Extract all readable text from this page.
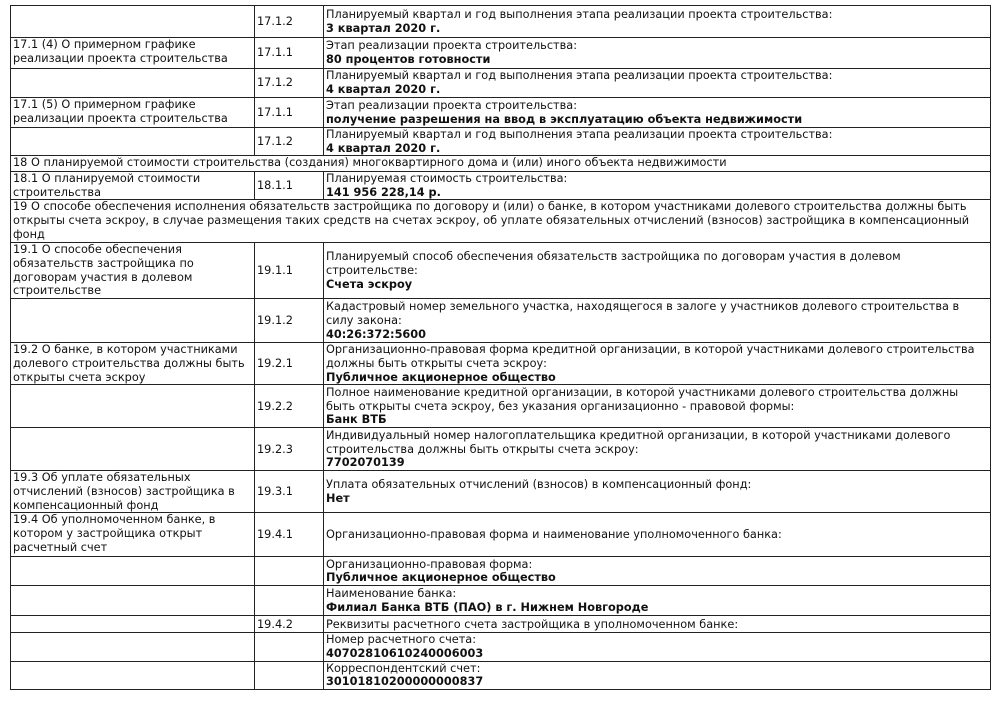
	17.1.2	Планируемый квартал и год выполнения этапа реализации проекта строительства:
3 квартал 2020 г.

17.1 (4) О примерном графике реализации проекта строительства	17.1.1	Этап реализации проекта строительства:
80 процентов готовности

	17.1.2	Планируемый квартал и год выполнения этапа реализации проекта строительства:
4 квартал 2020 г.

17.1 (5) О примерном графике реализации проекта строительства	17.1.1	Этап реализации проекта строительства:
получение разрешения на ввод в эксплуатацию объекта недвижимости

	17.1.2	Планируемый квартал и год выполнения этапа реализации проекта строительства:
4 квартал 2020 г.

18 О планируемой стоимости строительства (создания) многоквартирного дома и (или) иного объекта недвижимости		
18.1 О планируемой стоимости строительства	18.1.1	Планируемая стоимость строительства:
141 956 228,14 р.

19 О способе обеспечения исполнения обязательств застройщика по договору и (или) о банке, в котором участниками долевого строительства должны быть открыты счета эскроу, в случае размещения таких средств на счетах эскроу, об уплате обязательных отчислений (взносов) застройщика в компенсационный фонд		
19.1 О способе обеспечения обязательств застройщика по договорам участия в долевом строительстве	19.1.1	Планируемый способ обеспечения обязательств застройщика по договорам участия в долевом строительстве:
Счета эскроу

	19.1.2	Кадастровый номер земельного участка, находящегося в залоге у участников долевого строительства в силу закона:
40:26:372:5600

19.2 О банке, в котором участниками долевого строительства должны быть открыты счета эскроу	19.2.1	Организационно-правовая форма кредитной организации, в которой участниками долевого строительства должны быть открыты счета эскроу:
Публичное акционерное общество

	19.2.2	Полное наименование кредитной организации, в которой участниками долевого строительства должны быть открыты счета эскроу, без указания организационно - правовой формы:
Банк ВТБ

	19.2.3	Индивидуальный номер налогоплательщика кредитной организации, в которой участниками долевого строительства должны быть открыты счета эскроу:
7702070139

19.3 Об уплате обязательных отчислений (взносов) застройщика в компенсационный фонд	19.3.1	Уплата обязательных отчислений (взносов) в компенсационный фонд:
Нет

19.4 Об уполномоченном банке, в котором у застройщика открыт расчетный счет	19.4.1	Организационно-правовая форма и наименование уполномоченного банка:

		Организационно-правовая форма:
Публичное акционерное общество

		Наименование банка:
Филиал Банка ВТБ (ПАО) в г. Нижнем Новгороде

	19.4.2	Реквизиты расчетного счета застройщика в уполномоченном банке:

		Номер расчетного счета:
40702810610240006003

		Корреспондентский счет:
30101810200000000837
